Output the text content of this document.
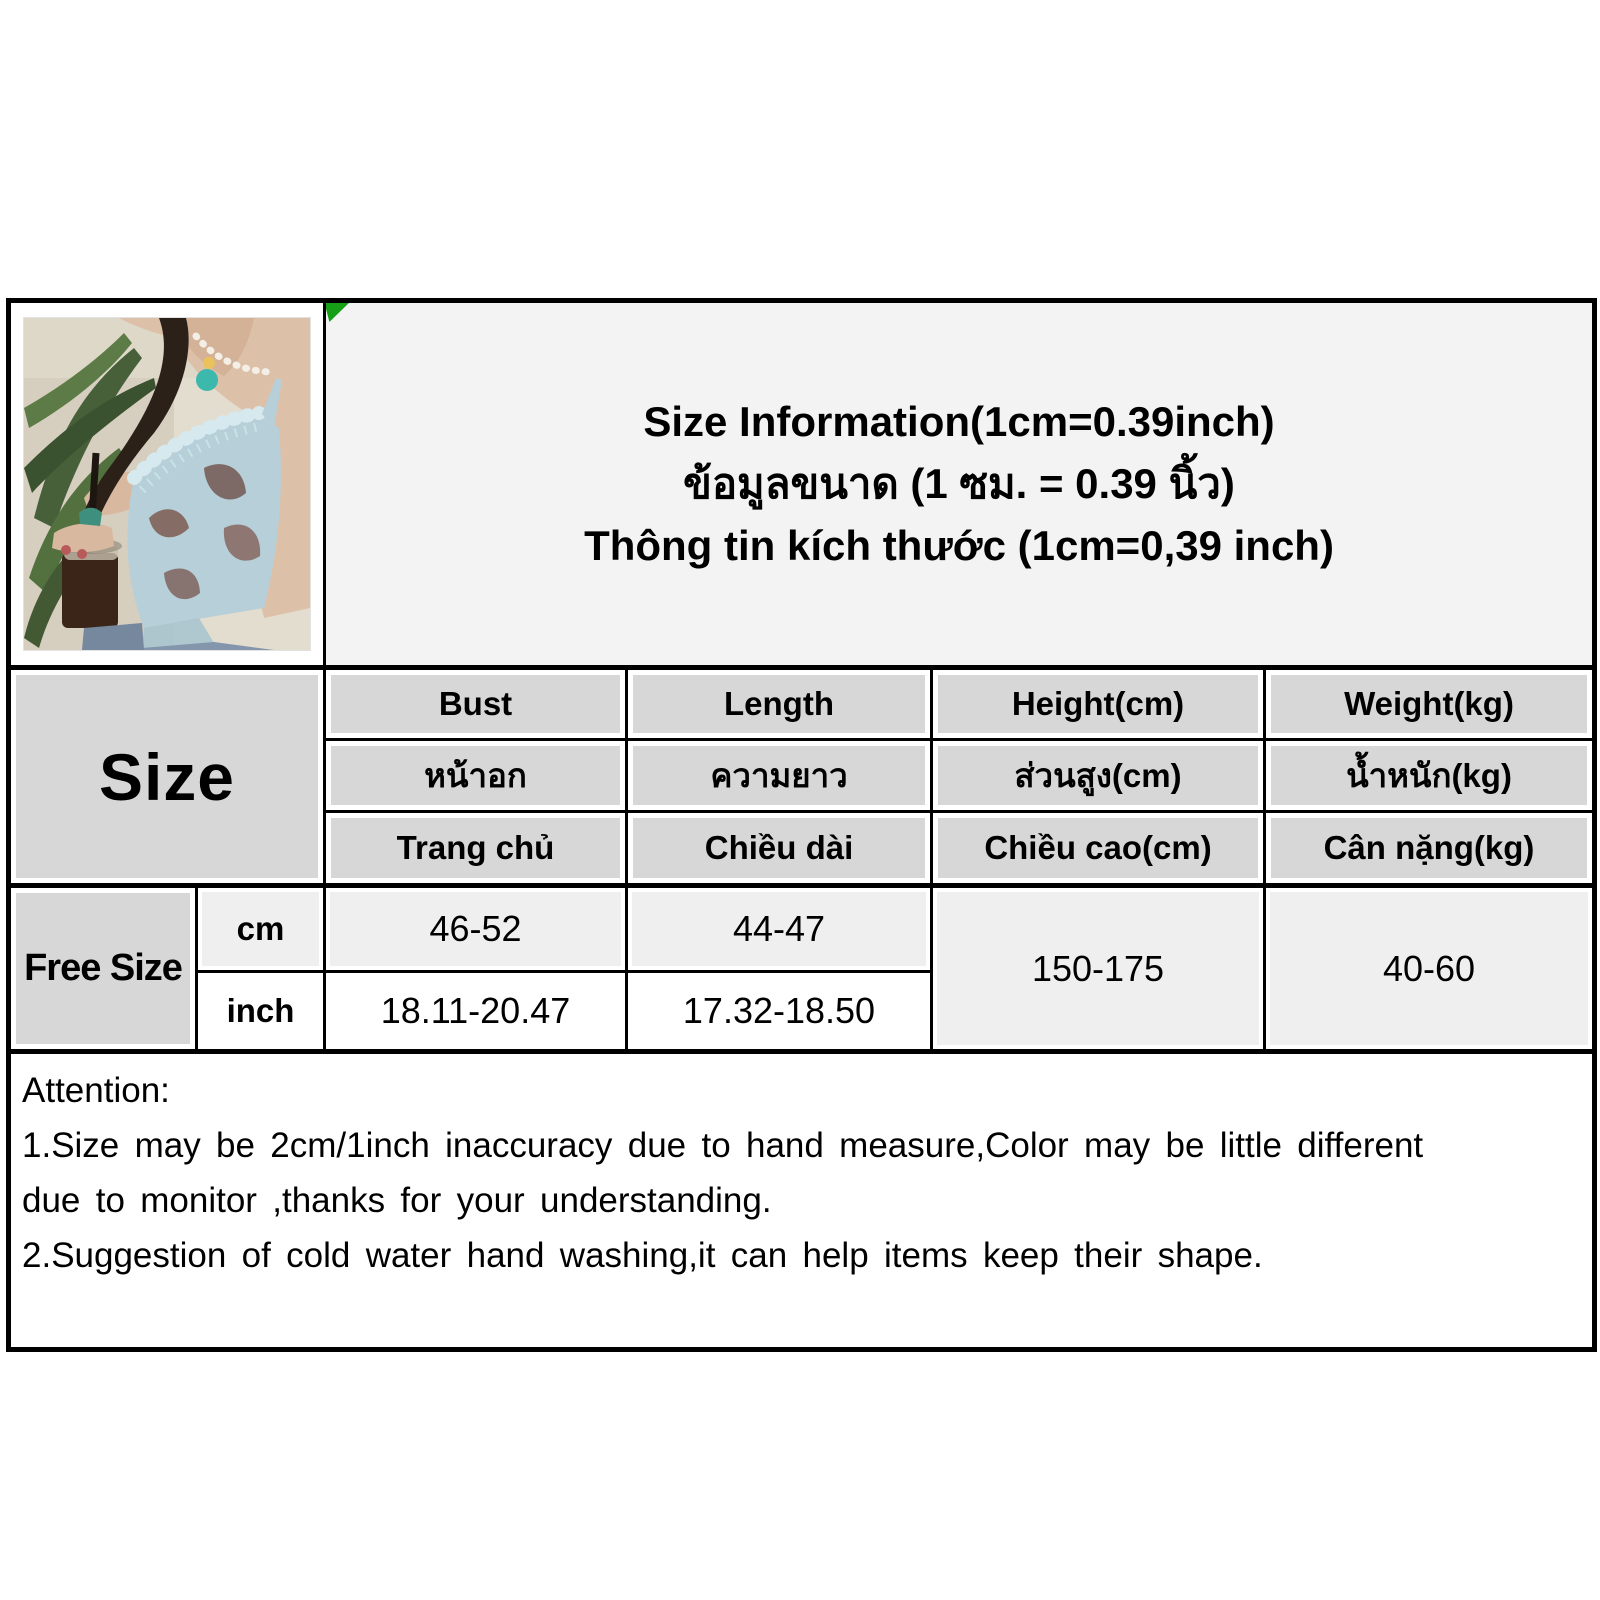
Size Information(1cm=0.39inch)
ข้อมูลขนาด (1 ซม. = 0.39 นิ้ว)
Thông tin kích thước (1cm=0,39 inch)			

Size		Bust	Length	Height(cm)	Weight(kg)
		หน้าอก	ความยาว	ส่วนสูง(cm)	น้ำหนัก(kg)
		Trang chủ	Chiều dài	Chiều cao(cm)	Cân nặng(kg)
Free Size	cm	46-52	44-47	150-175	40-60
	inch	18.11-20.47	17.32-18.50		

Attention:
1.Size may be 2cm/1inch inaccuracy due to hand measure,Color may be little different
due to monitor ,thanks for your understanding.
2.Suggestion of cold water hand washing,it can help items keep their shape.					
